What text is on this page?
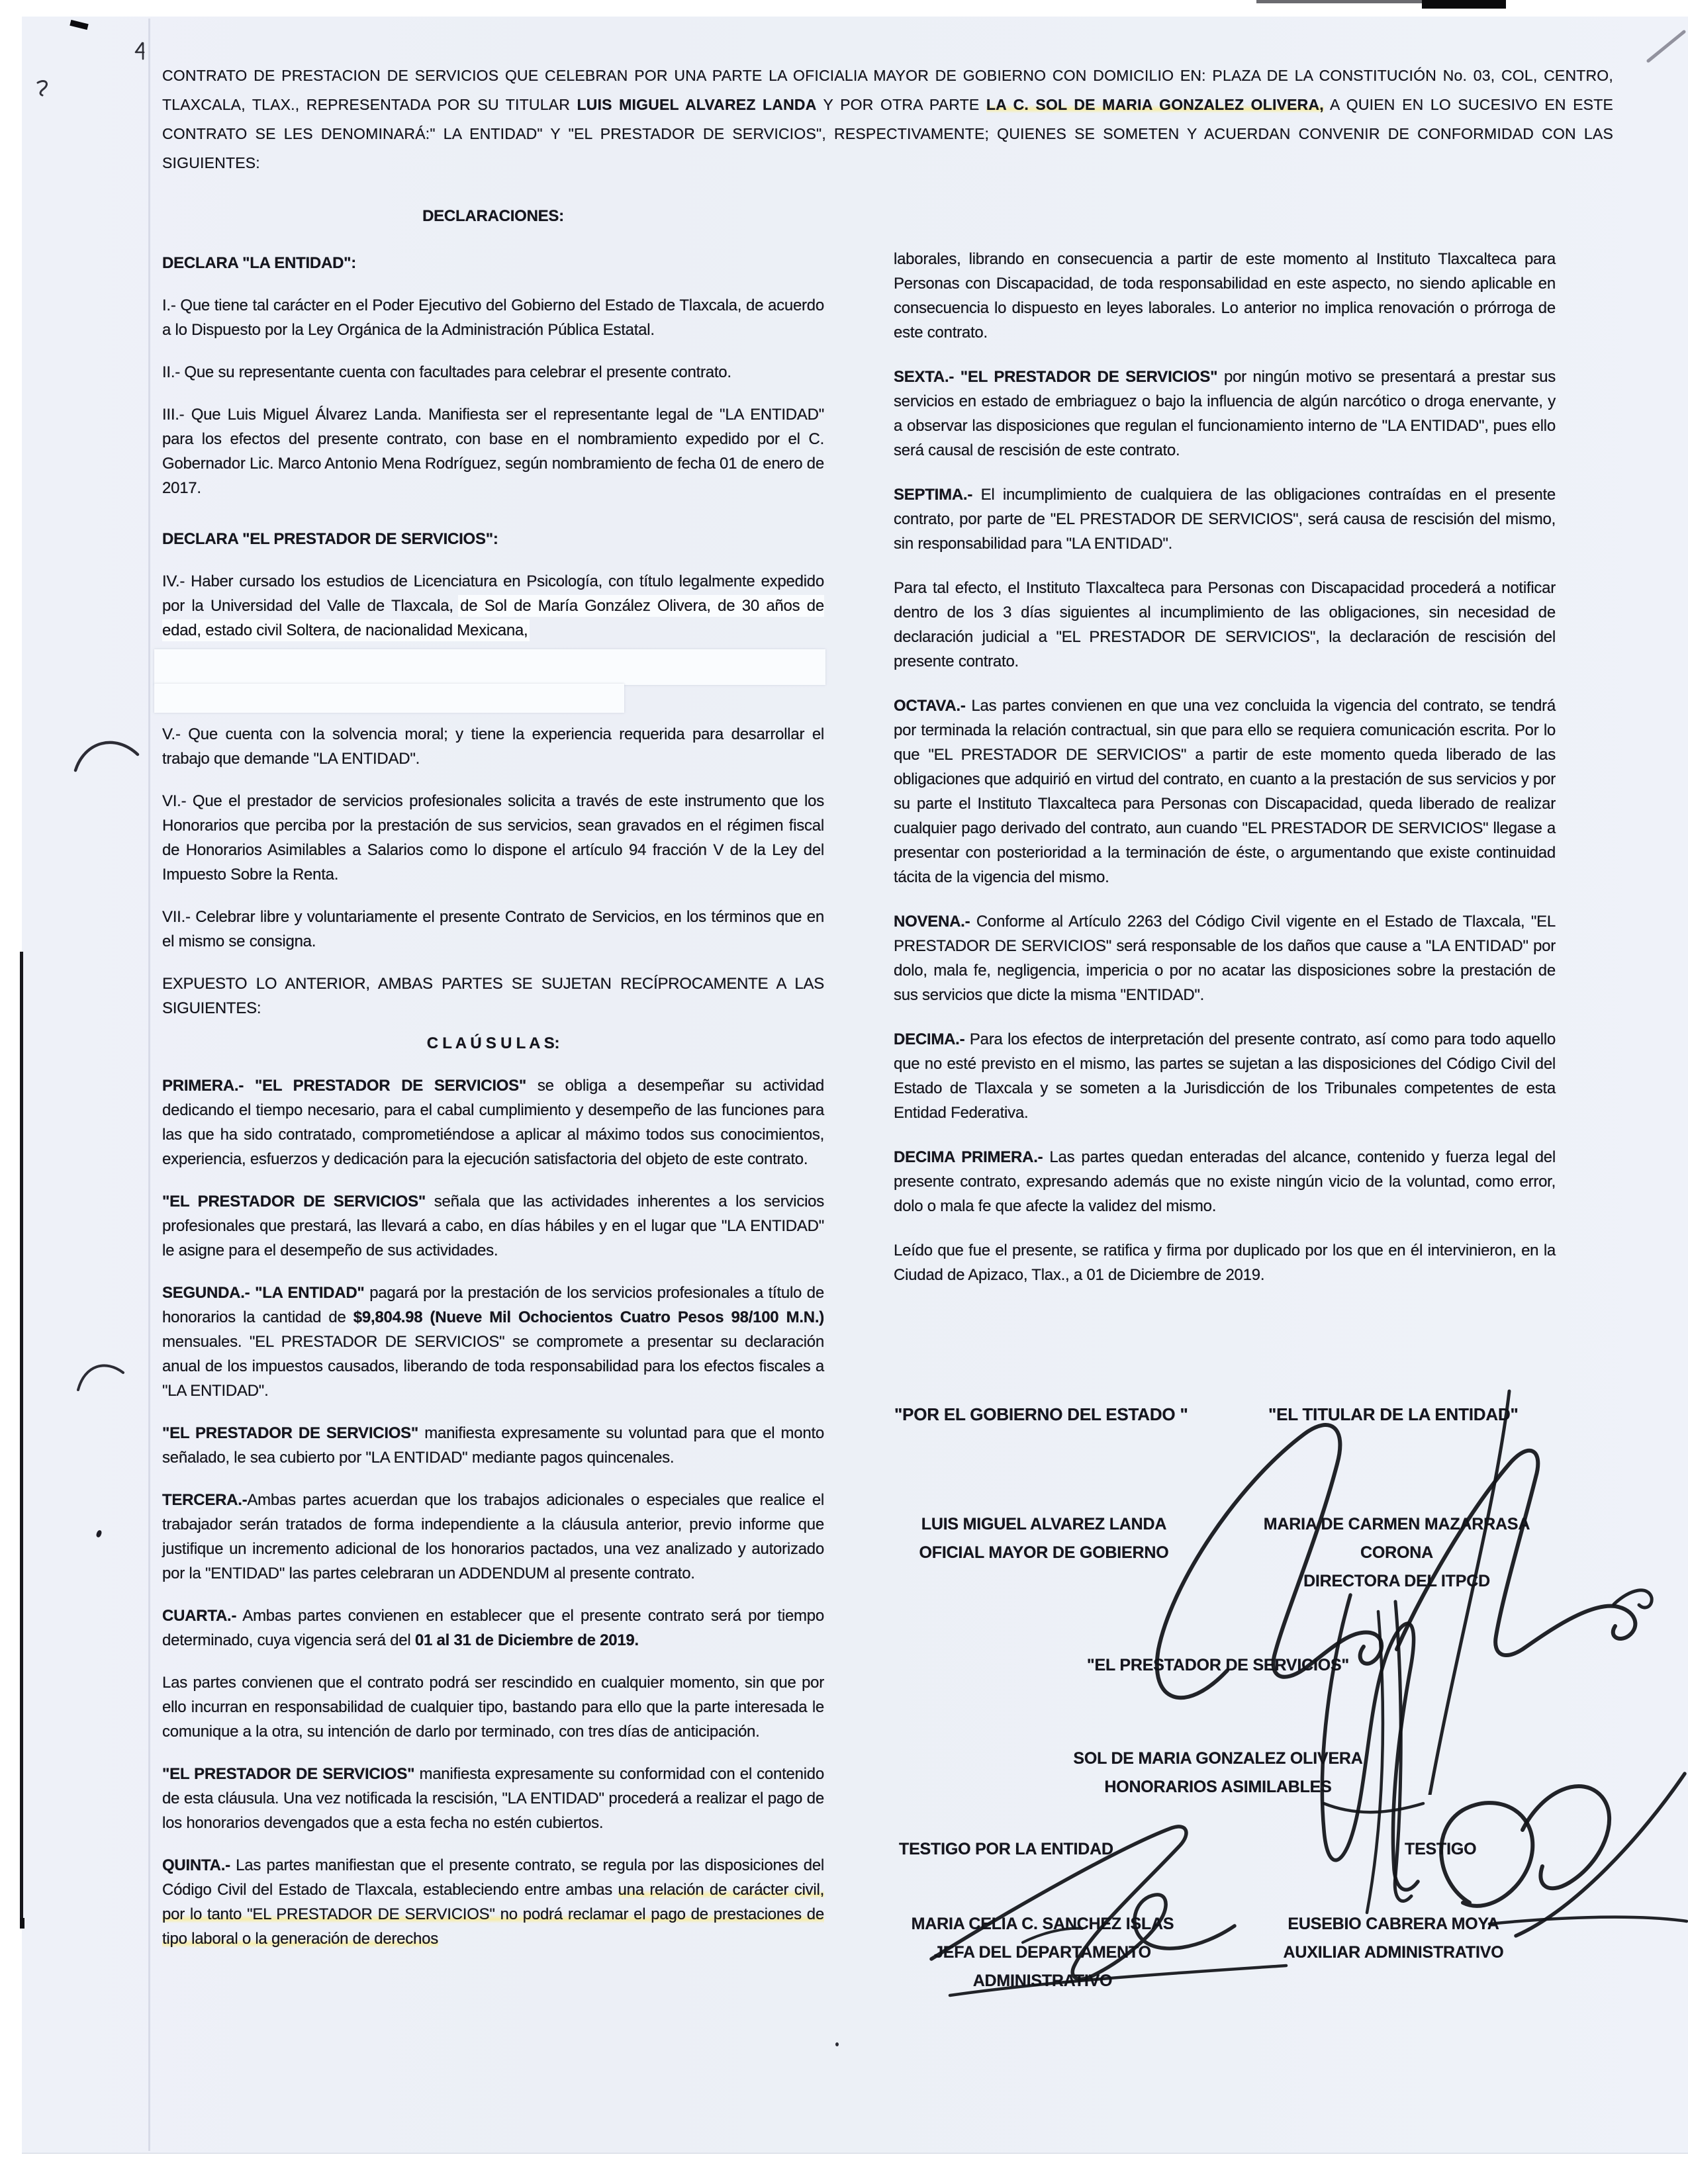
CONTRATO DE PRESTACION DE SERVICIOS QUE CELEBRAN POR UNA PARTE LA OFICIALIA MAYOR DE GOBIERNO CON DOMICILIO EN: PLAZA DE LA CONSTITUCIÓN No. 03, COL, CENTRO, TLAXCALA, TLAX., REPRESENTADA POR SU TITULAR LUIS MIGUEL ALVAREZ LANDA Y POR OTRA PARTE LA C. SOL DE MARIA GONZALEZ OLIVERA, A QUIEN EN LO SUCESIVO EN ESTE CONTRATO SE LES DENOMINARÁ:" LA ENTIDAD" Y "EL PRESTADOR DE SERVICIOS", RESPECTIVAMENTE; QUIENES SE SOMETEN Y ACUERDAN CONVENIR DE CONFORMIDAD CON LAS SIGUIENTES:

DECLARACIONES:

DECLARA "LA ENTIDAD":

I.- Que tiene tal carácter en el Poder Ejecutivo del Gobierno del Estado de Tlaxcala, de acuerdo a lo Dispuesto por la Ley Orgánica de la Administración Pública Estatal.

II.- Que su representante cuenta con facultades para celebrar el presente contrato.

III.- Que Luis Miguel Álvarez Landa. Manifiesta ser el representante legal de "LA ENTIDAD" para los efectos del presente contrato, con base en el nombramiento expedido por el C. Gobernador Lic. Marco Antonio Mena Rodríguez, según nombramiento de fecha 01 de enero de 2017.

DECLARA "EL PRESTADOR DE SERVICIOS":

IV.- Haber cursado los estudios de Licenciatura en Psicología, con título legalmente expedido por la Universidad del Valle de Tlaxcala, de Sol de María González Olivera, de 30 años de edad, estado civil Soltera, de nacionalidad Mexicana,

V.- Que cuenta con la solvencia moral; y tiene la experiencia requerida para desarrollar el trabajo que demande "LA ENTIDAD".

VI.- Que el prestador de servicios profesionales solicita a través de este instrumento que los Honorarios que perciba por la prestación de sus servicios, sean gravados en el régimen fiscal de Honorarios Asimilables a Salarios como lo dispone el artículo 94 fracción V de la Ley del Impuesto Sobre la Renta.

VII.- Celebrar libre y voluntariamente el presente Contrato de Servicios, en los términos que en el mismo se consigna.

EXPUESTO LO ANTERIOR, AMBAS PARTES SE SUJETAN RECÍPROCAMENTE A LAS SIGUIENTES:

C L A Ú S U L A S:

PRIMERA.- "EL PRESTADOR DE SERVICIOS" se obliga a desempeñar su actividad dedicando el tiempo necesario, para el cabal cumplimiento y desempeño de las funciones para las que ha sido contratado, comprometiéndose a aplicar al máximo todos sus conocimientos, experiencia, esfuerzos y dedicación para la ejecución satisfactoria del objeto de este contrato.

"EL PRESTADOR DE SERVICIOS" señala que las actividades inherentes a los servicios profesionales que prestará, las llevará a cabo, en días hábiles y en el lugar que "LA ENTIDAD" le asigne para el desempeño de sus actividades.

SEGUNDA.- "LA ENTIDAD" pagará por la prestación de los servicios profesionales a título de honorarios la cantidad de $9,804.98 (Nueve Mil Ochocientos Cuatro Pesos 98/100 M.N.) mensuales. "EL PRESTADOR DE SERVICIOS" se compromete a presentar su declaración anual de los impuestos causados, liberando de toda responsabilidad para los efectos fiscales a "LA ENTIDAD".

"EL PRESTADOR DE SERVICIOS" manifiesta expresamente su voluntad para que el monto señalado, le sea cubierto por "LA ENTIDAD" mediante pagos quincenales.

TERCERA.-Ambas partes acuerdan que los trabajos adicionales o especiales que realice el trabajador serán tratados de forma independiente a la cláusula anterior, previo informe que justifique un incremento adicional de los honorarios pactados, una vez analizado y autorizado por la "ENTIDAD" las partes celebraran un ADDENDUM al presente contrato.

CUARTA.- Ambas partes convienen en establecer que el presente contrato será por tiempo determinado, cuya vigencia será del 01 al 31 de Diciembre de 2019.

Las partes convienen que el contrato podrá ser rescindido en cualquier momento, sin que por ello incurran en responsabilidad de cualquier tipo, bastando para ello que la parte interesada le comunique a la otra, su intención de darlo por terminado, con tres días de anticipación.

"EL PRESTADOR DE SERVICIOS" manifiesta expresamente su conformidad con el contenido de esta cláusula. Una vez notificada la rescisión, "LA ENTIDAD" procederá a realizar el pago de los honorarios devengados que a esta fecha no estén cubiertos.

QUINTA.- Las partes manifiestan que el presente contrato, se regula por las disposiciones del Código Civil del Estado de Tlaxcala, estableciendo entre ambas una relación de carácter civil, por lo tanto "EL PRESTADOR DE SERVICIOS" no podrá reclamar el pago de prestaciones de tipo laboral o la generación de derechos

laborales, librando en consecuencia a partir de este momento al Instituto Tlaxcalteca para Personas con Discapacidad, de toda responsabilidad en este aspecto, no siendo aplicable en consecuencia lo dispuesto en leyes laborales. Lo anterior no implica renovación o prórroga de este contrato.

SEXTA.- "EL PRESTADOR DE SERVICIOS" por ningún motivo se presentará a prestar sus servicios en estado de embriaguez o bajo la influencia de algún narcótico o droga enervante, y a observar las disposiciones que regulan el funcionamiento interno de "LA ENTIDAD", pues ello será causal de rescisión de este contrato.

SEPTIMA.- El incumplimiento de cualquiera de las obligaciones contraídas en el presente contrato, por parte de "EL PRESTADOR DE SERVICIOS", será causa de rescisión del mismo, sin responsabilidad para "LA ENTIDAD".

Para tal efecto, el Instituto Tlaxcalteca para Personas con Discapacidad procederá a notificar dentro de los 3 días siguientes al incumplimiento de las obligaciones, sin necesidad de declaración judicial a "EL PRESTADOR DE SERVICIOS", la declaración de rescisión del presente contrato.

OCTAVA.- Las partes convienen en que una vez concluida la vigencia del contrato, se tendrá por terminada la relación contractual, sin que para ello se requiera comunicación escrita. Por lo que "EL PRESTADOR DE SERVICIOS" a partir de este momento queda liberado de las obligaciones que adquirió en virtud del contrato, en cuanto a la prestación de sus servicios y por su parte el Instituto Tlaxcalteca para Personas con Discapacidad, queda liberado de realizar cualquier pago derivado del contrato, aun cuando "EL PRESTADOR DE SERVICIOS" llegase a presentar con posterioridad a la terminación de éste, o argumentando que existe continuidad tácita de la vigencia del mismo.

NOVENA.- Conforme al Artículo 2263 del Código Civil vigente en el Estado de Tlaxcala, "EL PRESTADOR DE SERVICIOS" será responsable de los daños que cause a "LA ENTIDAD" por dolo, mala fe, negligencia, impericia o por no acatar las disposiciones sobre la prestación de sus servicios que dicte la misma "ENTIDAD".

DECIMA.- Para los efectos de interpretación del presente contrato, así como para todo aquello que no esté previsto en el mismo, las partes se sujetan a las disposiciones del Código Civil del Estado de Tlaxcala y se someten a la Jurisdicción de los Tribunales competentes de esta Entidad Federativa.

DECIMA PRIMERA.- Las partes quedan enteradas del alcance, contenido y fuerza legal del presente contrato, expresando además que no existe ningún vicio de la voluntad, como error, dolo o mala fe que afecte la validez del mismo.

Leído que fue el presente, se ratifica y firma por duplicado por los que en él intervinieron, en la Ciudad de Apizaco, Tlax., a 01 de Diciembre de 2019.

"POR EL GOBIERNO DEL ESTADO "	"EL TITULAR DE LA ENTIDAD"
LUIS MIGUEL ALVAREZ LANDA
OFICIAL MAYOR DE GOBIERNO
MARIA DE CARMEN MAZARRASA
CORONA
DIRECTORA DEL ITPCD
"EL PRESTADOR DE SERVICIOS"
SOL DE MARIA GONZALEZ OLIVERA
HONORARIOS ASIMILABLES
TESTIGO POR LA ENTIDAD	TESTIGO
MARIA CELIA C. SANCHEZ ISLAS
JEFA DEL DEPARTAMENTO
ADMINISTRATIVO
EUSEBIO CABRERA MOYA
AUXILIAR ADMINISTRATIVO
